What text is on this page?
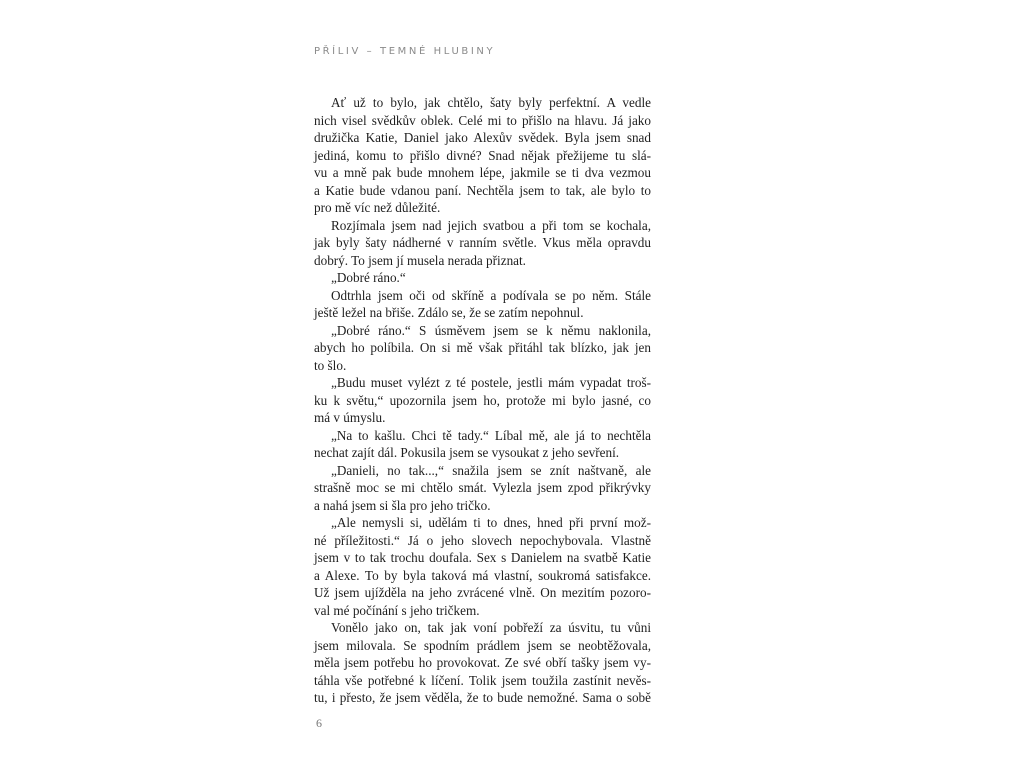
PŘÍLIV – TEMNÉ HLUBINY
Ať už to bylo, jak chtělo, šaty byly perfektní. A vedle
nich visel svědkův oblek. Celé mi to přišlo na hlavu. Já jako
družička Katie, Daniel jako Alexův svědek. Byla jsem snad
jediná, komu to přišlo divné? Snad nějak přežijeme tu slá-
vu a mně pak bude mnohem lépe, jakmile se ti dva vezmou
a Katie bude vdanou paní. Nechtěla jsem to tak, ale bylo to
pro mě víc než důležité.
Rozjímala jsem nad jejich svatbou a při tom se kochala,
jak byly šaty nádherné v ranním světle. Vkus měla opravdu
dobrý. To jsem jí musela nerada přiznat.
„Dobré ráno.“
Odtrhla jsem oči od skříně a podívala se po něm. Stále
ještě ležel na břiše. Zdálo se, že se zatím nepohnul.
„Dobré ráno.“ S úsměvem jsem se k němu naklonila,
abych ho políbila. On si mě však přitáhl tak blízko, jak jen
to šlo.
„Budu muset vylézt z té postele, jestli mám vypadat troš-
ku k světu,“ upozornila jsem ho, protože mi bylo jasné, co
má v úmyslu.
„Na to kašlu. Chci tě tady.“ Líbal mě, ale já to nechtěla
nechat zajít dál. Pokusila jsem se vysoukat z jeho sevření.
„Danieli, no tak...,“ snažila jsem se znít naštvaně, ale
strašně moc se mi chtělo smát. Vylezla jsem zpod přikrývky
a nahá jsem si šla pro jeho tričko.
„Ale nemysli si, udělám ti to dnes, hned při první mož-
né příležitosti.“ Já o jeho slovech nepochybovala. Vlastně
jsem v to tak trochu doufala. Sex s Danielem na svatbě Katie
a Alexe. To by byla taková má vlastní, soukromá satisfakce.
Už jsem ujížděla na jeho zvrácené vlně. On mezitím pozoro-
val mé počínání s jeho tričkem.
Vonělo jako on, tak jak voní pobřeží za úsvitu, tu vůni
jsem milovala. Se spodním prádlem jsem se neobtěžovala,
měla jsem potřebu ho provokovat. Ze své obří tašky jsem vy-
táhla vše potřebné k líčení. Tolik jsem toužila zastínit nevěs-
tu, i přesto, že jsem věděla, že to bude nemožné. Sama o sobě
6
